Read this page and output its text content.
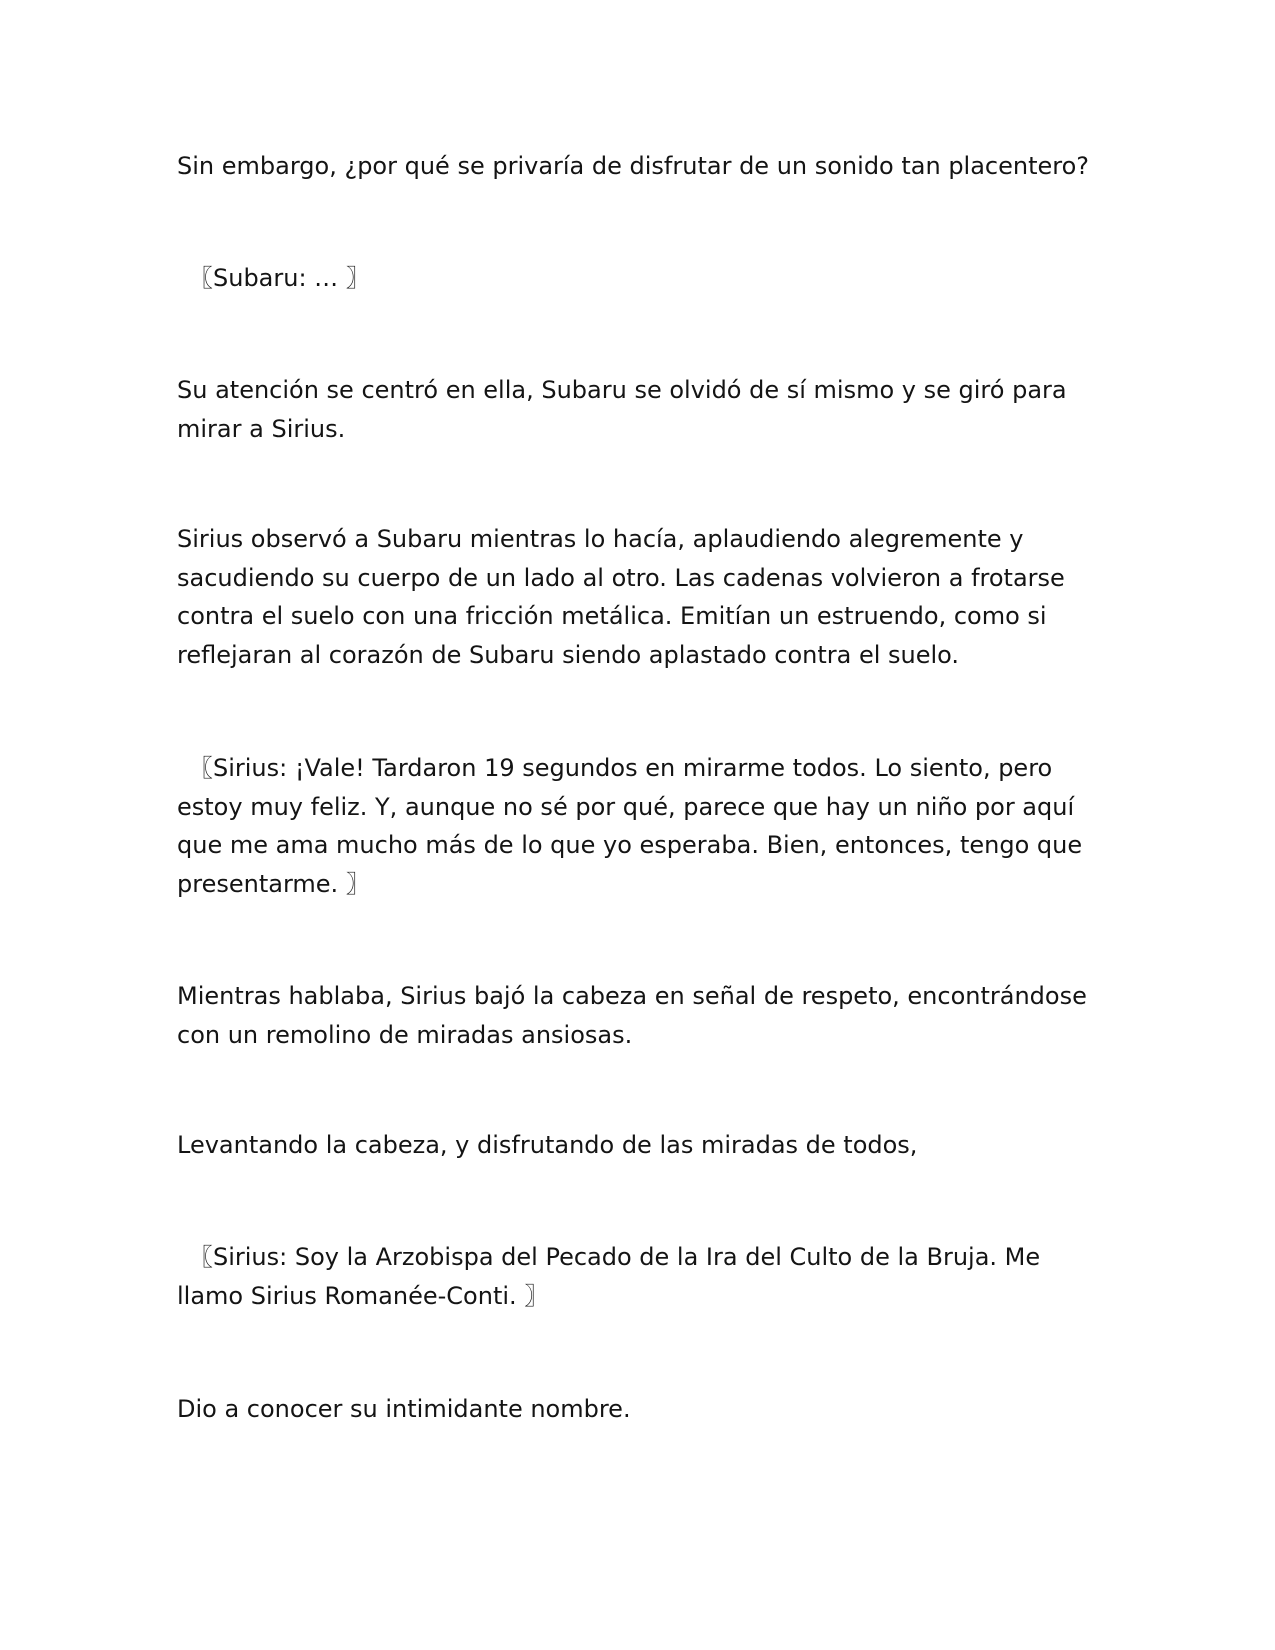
Sin embargo, ¿por qué se privaría de disfrutar de un sonido tan placentero?

　〖Subaru: … 〗

Su atención se centró en ella, Subaru se olvidó de sí mismo y se giró para mirar a Sirius.

Sirius observó a Subaru mientras lo hacía, aplaudiendo alegremente y sacudiendo su cuerpo de un lado al otro. Las cadenas volvieron a frotarse contra el suelo con una fricción metálica. Emitían un estruendo, como si reflejaran al corazón de Subaru siendo aplastado contra el suelo.

　〖Sirius: ¡Vale! Tardaron 19 segundos en mirarme todos. Lo siento, pero estoy muy feliz. Y, aunque no sé por qué, parece que hay un niño por aquí que me ama mucho más de lo que yo esperaba. Bien, entonces, tengo que presentarme. 〗

Mientras hablaba, Sirius bajó la cabeza en señal de respeto, encontrándose con un remolino de miradas ansiosas.

Levantando la cabeza, y disfrutando de las miradas de todos,

　〖Sirius: Soy la Arzobispa del Pecado de la Ira del Culto de la Bruja. Me llamo Sirius Romanée-Conti. 〗

Dio a conocer su intimidante nombre.
